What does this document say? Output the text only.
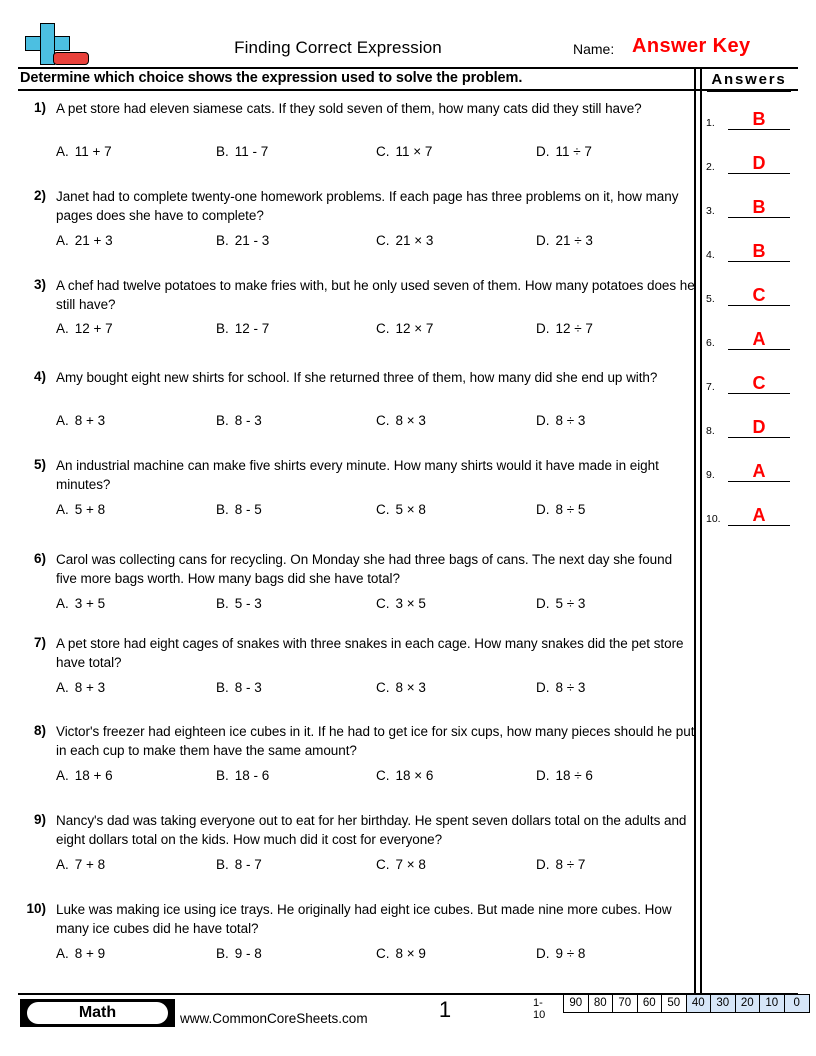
Finding Correct Expression	Name: Answer Key
Determine which choice shows the expression used to solve the problem.	Answers
1.	B
2.	D
3.	B
4.	B
5.	C
6.	A
7.	C
8.	D
9.	A
10.	A
1) A pet store had eleven siamese cats. If they sold seven of them, how many cats did they still have?
2) Janet had to complete twenty-one homework problems. If each page has three problems on it, how many pages does she have to complete?
3) A chef had twelve potatoes to make fries with, but he only used seven of them. How many potatoes does he still have?
4) Amy bought eight new shirts for school. If she returned three of them, how many did she end up with?
5) An industrial machine can make five shirts every minute. How many shirts would it have made in eight minutes?
6) Carol was collecting cans for recycling. On Monday she had three bags of cans. The next day she found five more bags worth. How many bags did she have total?
7) A pet store had eight cages of snakes with three snakes in each cage. How many snakes did the pet store have total?
8) Victor's freezer had eighteen ice cubes in it. If he had to get ice for six cups, how many pieces should he put in each cup to make them have the same amount?
9) Nancy's dad was taking everyone out to eat for her birthday. He spent seven dollars total on the adults and eight dollars total on the kids. How much did it cost for everyone?
10) Luke was making ice using ice trays. He originally had eight ice cubes. But made nine more cubes. How many ice cubes did he have total?
Math	www.CommonCoreSheets.com	1	1-10
90	80	70	60	50	40	30	20	10	0
A. 11 + 7	B. 11 - 7	C. 11 × 7	D. 11 ÷ 7
A. 21 + 3	B. 21 - 3	C. 21 × 3	D. 21 ÷ 3
A. 12 + 7	B. 12 - 7	C. 12 × 7	D. 12 ÷ 7
A. 8 + 3	B. 8 - 3	C. 8 × 3	D. 8 ÷ 3
A. 5 + 8	B. 8 - 5	C. 5 × 8	D. 8 ÷ 5
A. 3 + 5	B. 5 - 3	C. 3 × 5	D. 5 ÷ 3
A. 8 + 3	B. 8 - 3	C. 8 × 3	D. 8 ÷ 3
A. 18 + 6	B. 18 - 6	C. 18 × 6	D. 18 ÷ 6
A. 7 + 8	B. 8 - 7	C. 7 × 8	D. 8 ÷ 7
A. 8 + 9	B. 9 - 8	C. 8 × 9	D. 9 ÷ 8
